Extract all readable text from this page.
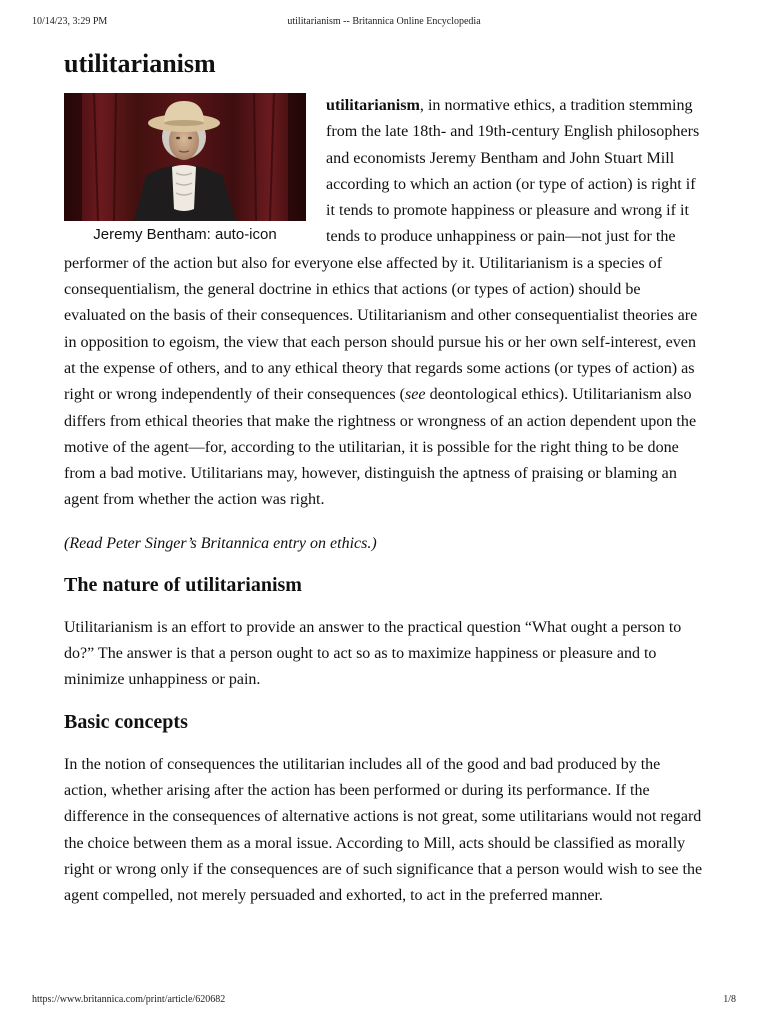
10/14/23, 3:29 PM	utilitarianism -- Britannica Online Encyclopedia
utilitarianism
Jeremy Bentham: auto-icon

utilitarianism, in normative ethics, a tradition stemming from the late 18th- and 19th-century English philosophers and economists Jeremy Bentham and John Stuart Mill according to which an action (or type of action) is right if it tends to promote happiness or pleasure and wrong if it tends to produce unhappiness or pain—not just for the performer of the action but also for everyone else affected by it. Utilitarianism is a species of consequentialism, the general doctrine in ethics that actions (or types of action) should be evaluated on the basis of their consequences. Utilitarianism and other consequentialist theories are in opposition to egoism, the view that each person should pursue his or her own self-interest, even at the expense of others, and to any ethical theory that regards some actions (or types of action) as right or wrong independently of their consequences (see deontological ethics). Utilitarianism also differs from ethical theories that make the rightness or wrongness of an action dependent upon the motive of the agent—for, according to the utilitarian, it is possible for the right thing to be done from a bad motive. Utilitarians may, however, distinguish the aptness of praising or blaming an agent from whether the action was right.

(Read Peter Singer’s Britannica entry on ethics.)

The nature of utilitarianism

Utilitarianism is an effort to provide an answer to the practical question “What ought a person to do?” The answer is that a person ought to act so as to maximize happiness or pleasure and to minimize unhappiness or pain.

Basic concepts

In the notion of consequences the utilitarian includes all of the good and bad produced by the action, whether arising after the action has been performed or during its performance. If the difference in the consequences of alternative actions is not great, some utilitarians would not regard the choice between them as a moral issue. According to Mill, acts should be classified as morally right or wrong only if the consequences are of such significance that a person would wish to see the agent compelled, not merely persuaded and exhorted, to act in the preferred manner.

https://www.britannica.com/print/article/620682	1/8
